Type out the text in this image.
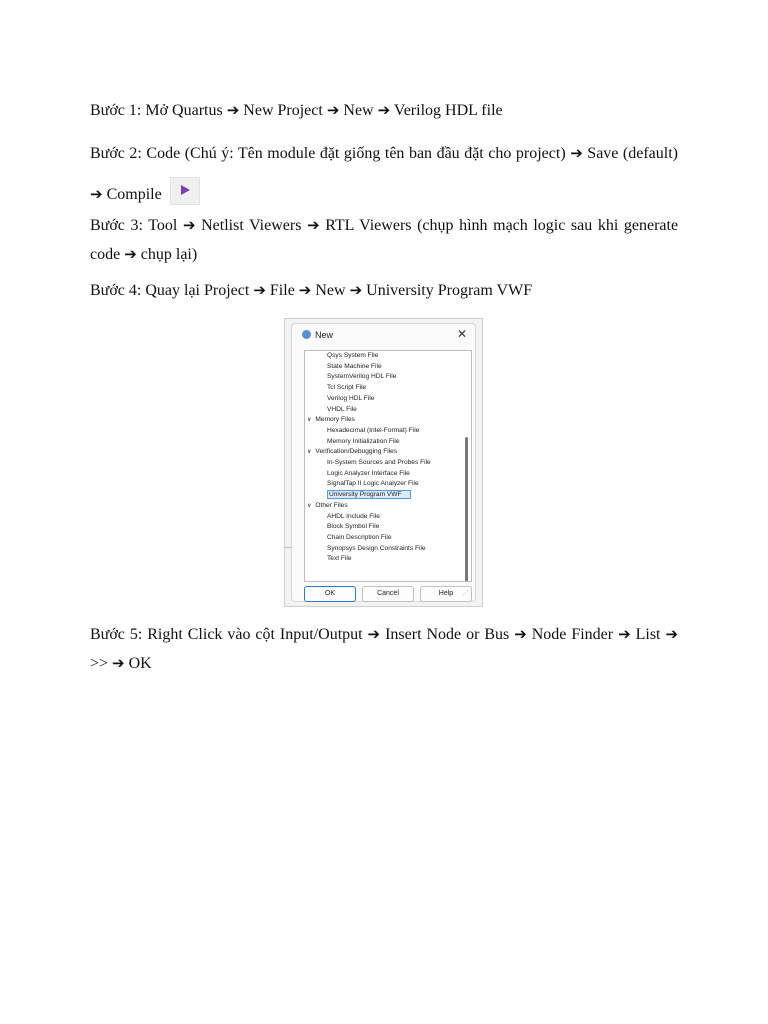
Bước 1: Mở Quartus ➔ New Project ➔ New ➔ Verilog HDL file

Bước 2: Code (Chú ý: Tên module đặt giống tên ban đầu đặt cho project) ➔ Save (default) ➔ Compile

Bước 3: Tool ➔ Netlist Viewers ➔ RTL Viewers (chụp hình mạch logic sau khi generate code ➔ chụp lại)

Bước 4: Quay lại Project ➔ File ➔ New ➔ University Program VWF

Bước 5: Right Click vào cột Input/Output ➔ Insert Node or Bus ➔ Node Finder ➔ List ➔ >> ➔ OK

New	✕
Qsys System File
State Machine File
SystemVerilog HDL File
Tcl Script File
Verilog HDL File
VHDL File
∨ Memory Files
Hexadecimal (Intel-Format) File
Memory Initialization File
∨ Verification/Debugging Files
In-System Sources and Probes File
Logic Analyzer Interface File
SignalTap II Logic Analyzer File
University Program VWF
∨ Other Files
AHDL Include File
Block Symbol File
Chain Description File
Synopsys Design Constraints File
Text File
OK	Cancel	Help	⋰
